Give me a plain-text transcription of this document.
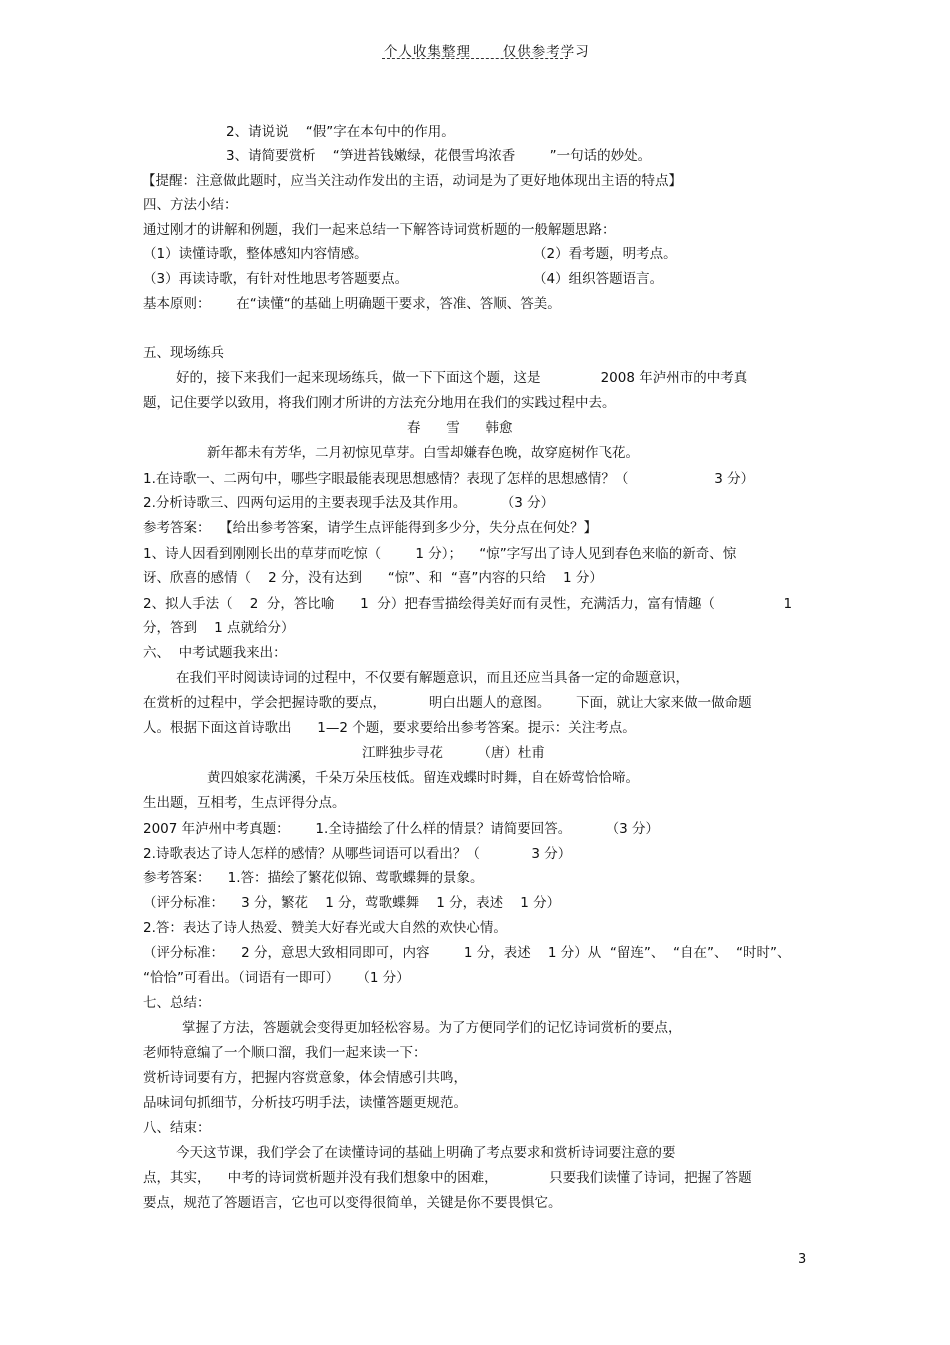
个人收集整理      仅供参考学习
2、请说说    “假”字在本句中的作用。
3、请简要赏析    “笋进苔钱嫩绿，花偎雪坞浓香        ”一句话的妙处。
【提醒：注意做此题时，应当关注动作发出的主语，动词是为了更好地体现出主语的特点】
四、方法小结：
通过刚才的讲解和例题，我们一起来总结一下解答诗词赏析题的一般解题思路：
（1）读懂诗歌，整体感知内容情感。	（2）看考题，明考点。
（3）再读诗歌，有针对性地思考答题要点。	（4）组织答题语言。
基本原则：      在“读懂“的基础上明确题干要求，答准、答顺、答美。
五、现场练兵
好的，接下来我们一起来现场练兵，做一下下面这个题，这是              2008 年泸州市的中考真
题，记住要学以致用，将我们刚才所讲的方法充分地用在我们的实践过程中去。
春      雪      韩愈
新年都未有芳华，二月初惊见草芽。白雪却嫌春色晚，故穿庭树作飞花。
1.在诗歌一、二两句中，哪些字眼最能表现思想感情？表现了怎样的思想感情？（                    3 分）
2.分析诗歌三、四两句运用的主要表现手法及其作用。        （3 分）
参考答案：  【给出参考答案，请学生点评能得到多少分，失分点在何处？】
1、诗人因看到刚刚长出的草芽而吃惊（        1 分）；    “惊”字写出了诗人见到春色来临的新奇、惊
讶、欣喜的感情（    2 分，没有达到      “惊”、和  “喜”内容的只给    1 分）
2、拟人手法（    2  分，答比喻      1  分）把春雪描绘得美好而有灵性，充满活力，富有情趣（                1
分，答到    1 点就给分）
六、  中考试题我来出：
在我们平时阅读诗词的过程中，不仅要有解题意识，而且还应当具备一定的命题意识，
在赏析的过程中，学会把握诗歌的要点，          明白出题人的意图。      下面，就让大家来做一做命题
人。根据下面这首诗歌出      1—2 个题，要求要给出参考答案。提示：关注考点。
江畔独步寻花        （唐）杜甫
黄四娘家花满溪，千朵万朵压枝低。留连戏蝶时时舞，自在娇莺恰恰啼。
生出题，互相考，生点评得分点。
2007 年泸州中考真题：      1.全诗描绘了什么样的情景？请简要回答。        （3 分）
2.诗歌表达了诗人怎样的感情？从哪些词语可以看出？（            3 分）
参考答案：    1.答：描绘了繁花似锦、莺歌蝶舞的景象。
（评分标准：    3 分，繁花    1 分，莺歌蝶舞    1 分，表述    1 分）
2.答：表达了诗人热爱、赞美大好春光或大自然的欢快心情。
（评分标准：    2 分，意思大致相同即可，内容        1 分，表述    1 分）从  “留连”、  “自在”、  “时时”、
“恰恰”可看出。（词语有一即可）    （1 分）
七、总结：
掌握了方法，答题就会变得更加轻松容易。为了方便同学们的记忆诗词赏析的要点，
老师特意编了一个顺口溜，我们一起来读一下：
赏析诗词要有方，把握内容赏意象，体会情感引共鸣，
品味词句抓细节，分析技巧明手法，读懂答题更规范。
八、结束：
今天这节课，我们学会了在读懂诗词的基础上明确了考点要求和赏析诗词要注意的要
点，其实，    中考的诗词赏析题并没有我们想象中的困难，            只要我们读懂了诗词，把握了答题
要点，规范了答题语言，它也可以变得很简单，关键是你不要畏惧它。
3
